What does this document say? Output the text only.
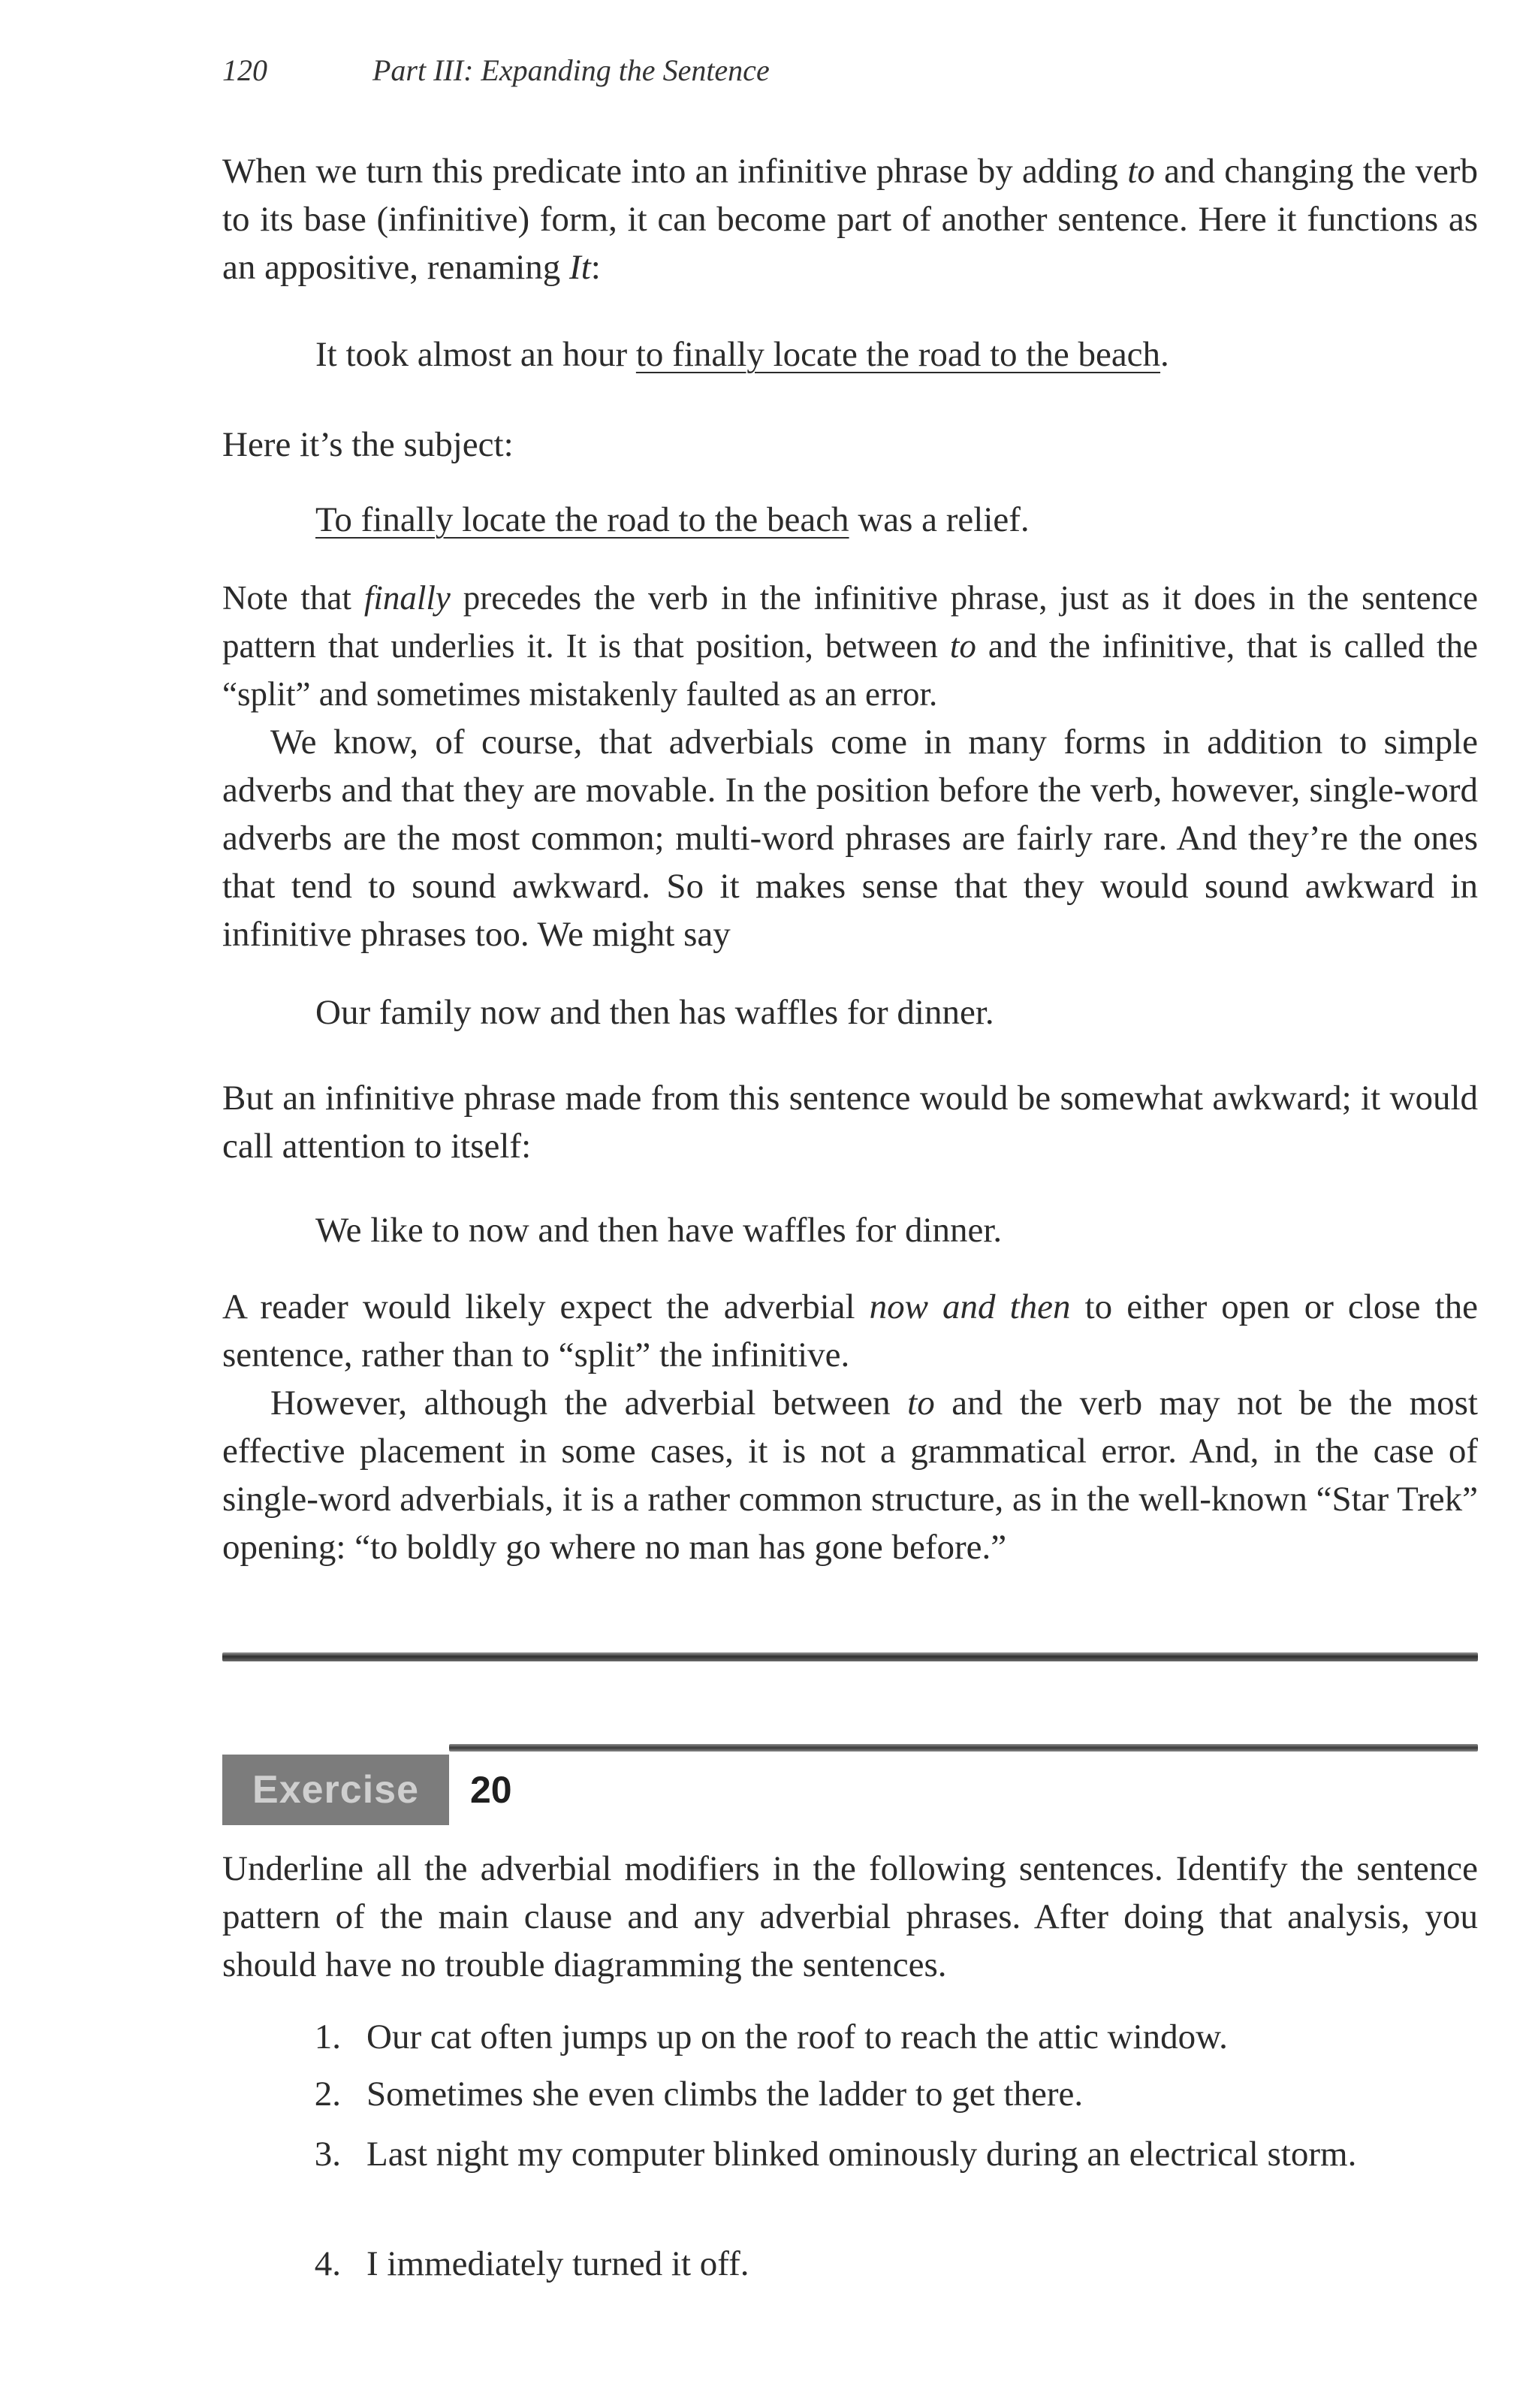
120	Part III: Expanding the Sentence

When we turn this predicate into an infinitive phrase by adding to and changing the verb to its base (infinitive) form, it can become part of another sentence. Here it functions as an appositive, renaming It:

It took almost an hour to finally locate the road to the beach.

Here it’s the subject:

To finally locate the road to the beach was a relief.

Note that finally precedes the verb in the infinitive phrase, just as it does in the sentence pattern that underlies it. It is that position, between to and the infinitive, that is called the “split” and sometimes mistakenly faulted as an error.

We know, of course, that adverbials come in many forms in addition to simple adverbs and that they are movable. In the position before the verb, however, single-word adverbs are the most common; multi-word phrases are fairly rare. And they’re the ones that tend to sound awkward. So it makes sense that they would sound awkward in infinitive phrases too. We might say

Our family now and then has waffles for dinner.

But an infinitive phrase made from this sentence would be somewhat awkward; it would call attention to itself:

We like to now and then have waffles for dinner.

A reader would likely expect the adverbial now and then to either open or close the sentence, rather than to “split” the infinitive.

However, although the adverbial between to and the verb may not be the most effective placement in some cases, it is not a grammatical error. And, in the case of single-word adverbials, it is a rather common structure, as in the well-known “Star Trek” opening: “to boldly go where no man has gone before.”

Exercise	20

Underline all the adverbial modifiers in the following sentences. Identify the sentence pattern of the main clause and any adverbial phrases. After doing that analysis, you should have no trouble diagramming the sentences.

1. Our cat often jumps up on the roof to reach the attic window.

2. Sometimes she even climbs the ladder to get there.

3. Last night my computer blinked ominously during an electrical storm.

4. I immediately turned it off.
